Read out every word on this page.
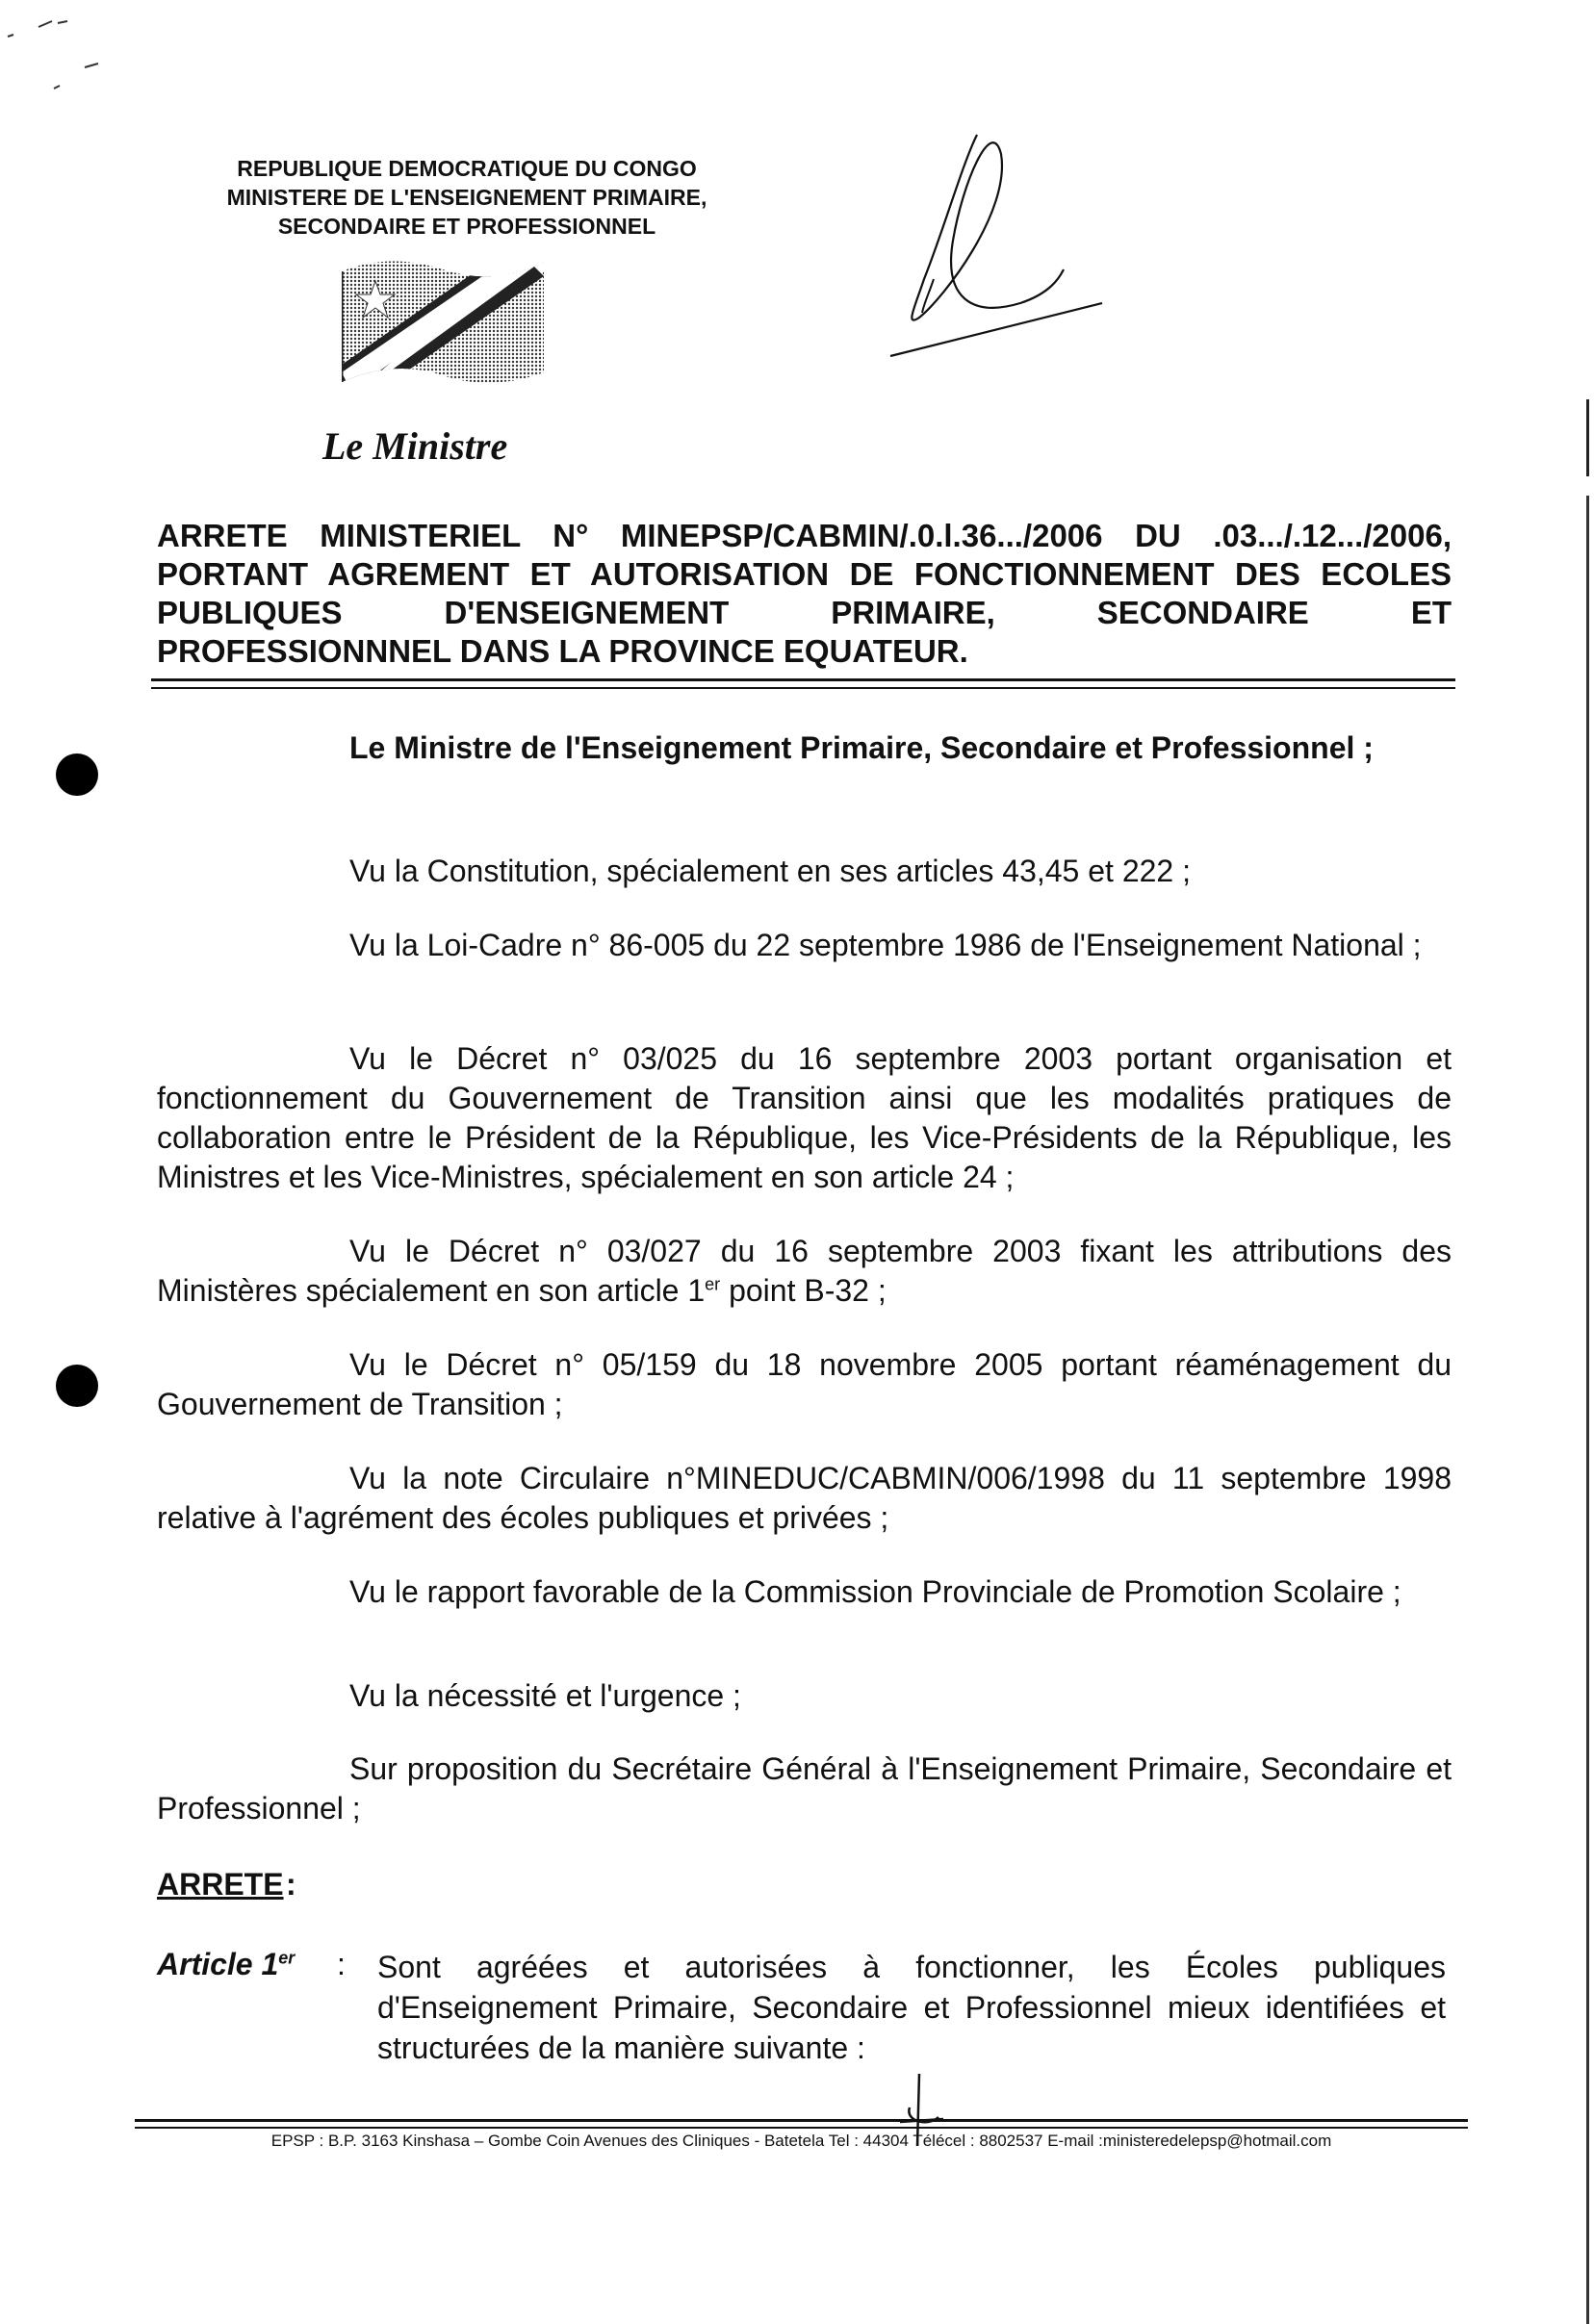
REPUBLIQUE DEMOCRATIQUE DU CONGO
MINISTERE DE L'ENSEIGNEMENT PRIMAIRE,
SECONDAIRE ET PROFESSIONNEL
Le Ministre
ARRETE MINISTERIEL N° MINEPSP/CABMIN/.0.l.36.../2006 DU .03.../.12.../2006,
PORTANT AGREMENT ET AUTORISATION DE FONCTIONNEMENT DES ECOLES
PUBLIQUES D'ENSEIGNEMENT PRIMAIRE, SECONDAIRE ET
PROFESSIONNNEL DANS LA PROVINCE EQUATEUR.
Le Ministre de l'Enseignement Primaire, Secondaire et Professionnel ;
Vu la Constitution, spécialement en ses articles 43,45 et 222 ;
Vu la Loi-Cadre n° 86-005 du 22 septembre 1986 de l'Enseignement National ;
Vu le Décret n° 03/025 du 16 septembre 2003 portant organisation et fonctionnement du Gouvernement de Transition ainsi que les modalités pratiques de collaboration entre le Président de la République, les Vice-Présidents de la République, les Ministres et les Vice-Ministres, spécialement en son article 24 ;
Vu le Décret n° 03/027 du 16 septembre 2003 fixant les attributions des Ministères spécialement en son article 1er point B-32 ;
Vu le Décret n° 05/159 du 18 novembre 2005 portant réaménagement du Gouvernement de Transition ;
Vu la note Circulaire n°MINEDUC/CABMIN/006/1998 du 11 septembre 1998 relative à l'agrément des écoles publiques et privées ;
Vu le rapport favorable de la Commission Provinciale de Promotion Scolaire ;
Vu la nécessité et l'urgence ;
Sur proposition du Secrétaire Général à l'Enseignement Primaire, Secondaire et Professionnel ;
ARRETE :
Article 1er : Sont agréées et autorisées à fonctionner, les Écoles publiques d'Enseignement Primaire, Secondaire et Professionnel mieux identifiées et structurées de la manière suivante :
EPSP : B.P. 3163 Kinshasa – Gombe Coin Avenues des Cliniques - Batetela Tel : 44304 Télécel : 8802537 E-mail :ministeredelepsp@hotmail.com
